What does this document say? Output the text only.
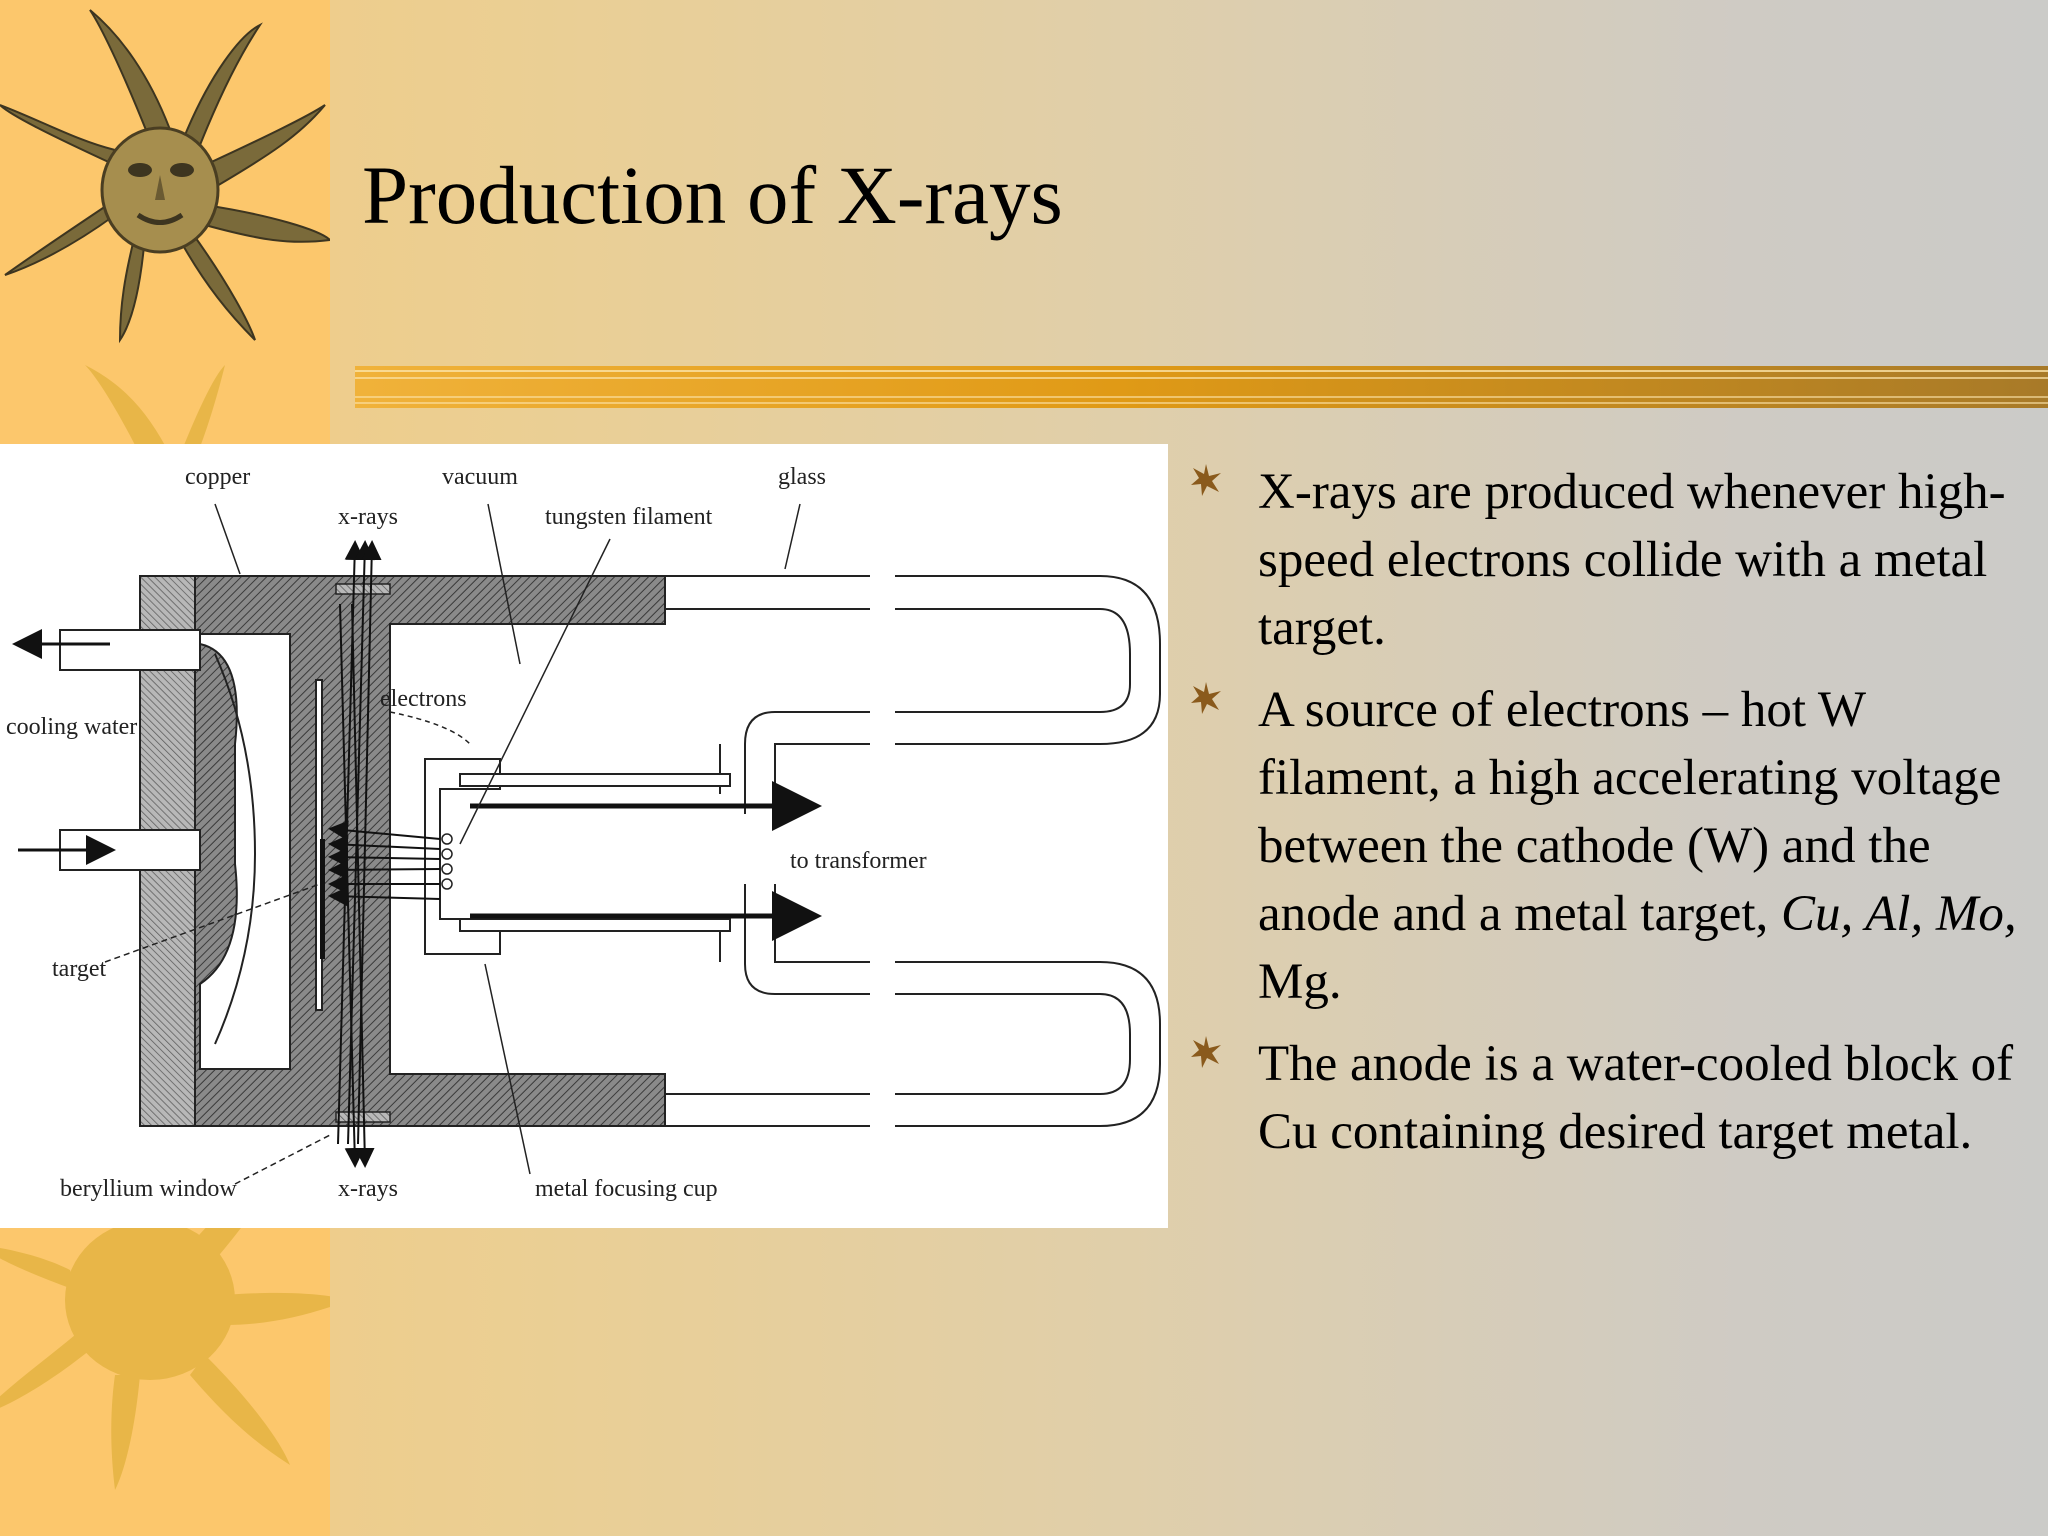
Production of X-rays
copper	vacuum	glass
x-rays	tungsten filament
electrons
cooling water
to transformer
target
beryllium window	x-rays	metal focusing cup
X-rays are produced whenever high-speed electrons collide with a metal target.
A source of electrons – hot W filament, a high accelerating voltage between the cathode (W) and the anode and a metal target, Cu, Al, Mo, Mg.
The anode is a water-cooled block of Cu containing desired target metal.
